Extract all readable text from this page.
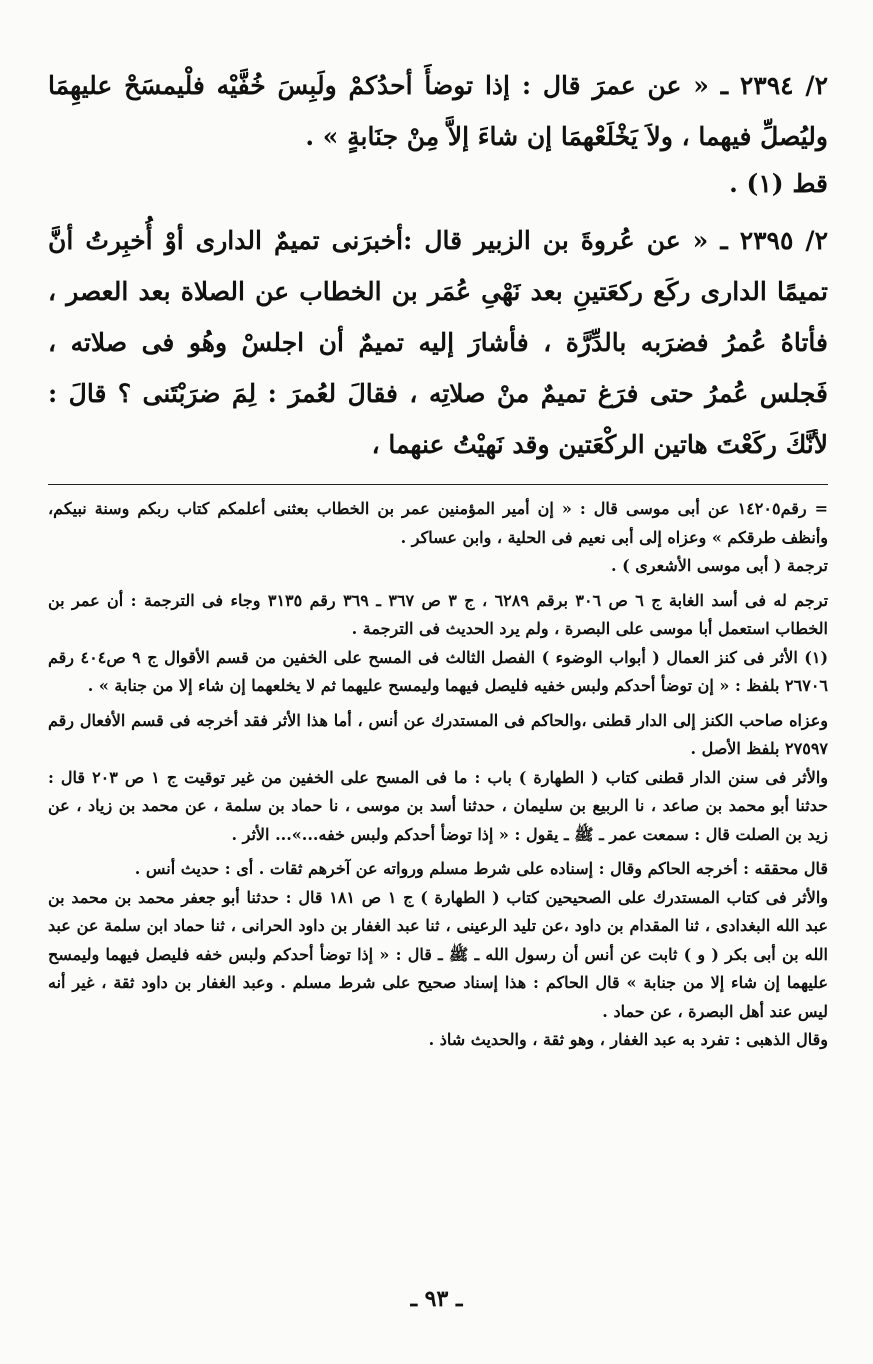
٢/ ٢٣٩٤ ـ « عن عمرَ قال : إذا توضأَ أحدُكمْ ولَبِسَ خُفَّيْه فلْيمسَحْ عليهِمَا وليُصلِّ فيهما ، ولاَ يَخْلَعْهمَا إن شاءَ إلاَّ مِنْ جنَابةٍ » .

قط (١) .

٢/ ٢٣٩٥ ـ « عن عُروةَ بن الزبير قال :أخبرَنى تميمٌ الدارى أوْ أُخبِرتُ أنَّ تميمًا الدارى ركَع ركعَتينِ بعد نَهْىِ عُمَر بن الخطاب عن الصلاة بعد العصر ، فأتاهُ عُمرُ فضرَبه بالدِّرَّة ، فأشارَ إليه تميمٌ أن اجلسْ وهُو فى صلاته ، فَجلس عُمرُ حتى فرَغ تميمٌ منْ صلاتِه ، فقالَ لعُمرَ : لِمَ ضرَبْتَنى ؟ قالَ : لأنَّكَ ركَعْتَ هاتين الركْعَتين وقد نَهيْتُ عنهما ،

= رقم١٤٢٠٥ عن أبى موسى قال : « إن أمير المؤمنين عمر بن الخطاب بعثنى أعلمكم كتاب ربكم وسنة نبيكم، وأنظف طرقكم » وعزاه إلى أبى نعيم فى الحلية ، وابن عساكر .

ترجمة ( أبى موسى الأشعرى ) .

ترجم له فى أسد الغابة ج ٦ ص ٣٠٦ برقم ٦٢٨٩ ، ج ٣ ص ٣٦٧ ـ ٣٦٩ رقم ٣١٣٥ وجاء فى الترجمة : أن عمر بن الخطاب استعمل أبا موسى على البصرة ، ولم يرد الحديث فى الترجمة .

(١) الأثر فى كنز العمال ( أبواب الوضوء ) الفصل الثالث فى المسح على الخفين من قسم الأقوال ج ٩ ص٤٠٤ رقم ٢٦٧٠٦ بلفظ : « إن توضأ أحدكم ولبس خفيه فليصل فيهما وليمسح عليهما ثم لا يخلعهما إن شاء إلا من جنابة » .

وعزاه صاحب الكنز إلى الدار قطنى ،والحاكم فى المستدرك عن أنس ، أما هذا الأثر فقد أخرجه فى قسم الأفعال رقم ٢٧٥٩٧ بلفظ الأصل .

والأثر فى سنن الدار قطنى كتاب ( الطهارة ) باب : ما فى المسح على الخفين من غير توقيت ج ١ ص ٢٠٣ قال : حدثنا أبو محمد بن صاعد ، نا الربيع بن سليمان ، حدثنا أسد بن موسى ، نا حماد بن سلمة ، عن محمد بن زياد ، عن زيد بن الصلت قال : سمعت عمر ـ ﷺ ـ يقول : « إذا توضأ أحدكم ولبس خفه...»... الأثر .

قال محققه : أخرجه الحاكم وقال : إسناده على شرط مسلم ورواته عن آخرهم ثقات . أى : حديث أنس .

والأثر فى كتاب المستدرك على الصحيحين كتاب ( الطهارة ) ج ١ ص ١٨١ قال : حدثنا أبو جعفر محمد بن محمد بن عبد الله البغدادى ، ثنا المقدام بن داود ،عن تليد الرعينى ، ثنا عبد الغفار بن داود الحرانى ، ثنا حماد ابن سلمة عن عبد الله بن أبى بكر ( و ) ثابت عن أنس أن رسول الله ـ ﷺ ـ قال : « إذا توضأ أحدكم ولبس خفه فليصل فيهما وليمسح عليهما إن شاء إلا من جنابة » قال الحاكم : هذا إسناد صحيح على شرط مسلم . وعبد الغفار بن داود ثقة ، غير أنه ليس عند أهل البصرة ، عن حماد .

وقال الذهبى : تفرد به عبد الغفار ، وهو ثقة ، والحديث شاذ .

ـ ٩٣ ـ
